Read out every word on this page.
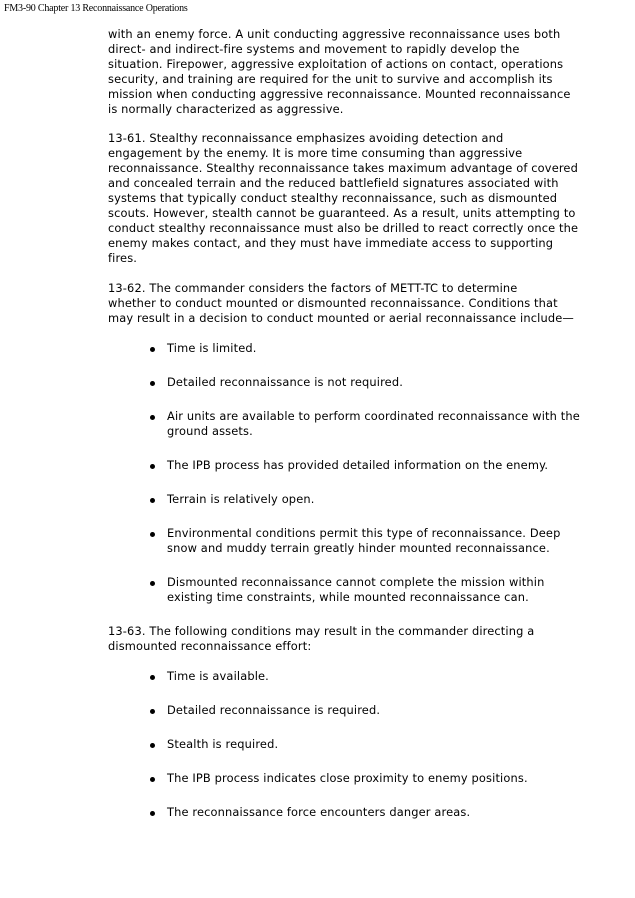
FM3-90 Chapter 13 Reconnaissance Operations

with an enemy force. A unit conducting aggressive reconnaissance uses both
direct- and indirect-fire systems and movement to rapidly develop the
situation. Firepower, aggressive exploitation of actions on contact, operations
security, and training are required for the unit to survive and accomplish its
mission when conducting aggressive reconnaissance. Mounted reconnaissance
is normally characterized as aggressive.

13-61. Stealthy reconnaissance emphasizes avoiding detection and
engagement by the enemy. It is more time consuming than aggressive
reconnaissance. Stealthy reconnaissance takes maximum advantage of covered
and concealed terrain and the reduced battlefield signatures associated with
systems that typically conduct stealthy reconnaissance, such as dismounted
scouts. However, stealth cannot be guaranteed. As a result, units attempting to
conduct stealthy reconnaissance must also be drilled to react correctly once the
enemy makes contact, and they must have immediate access to supporting
fires.

13-62. The commander considers the factors of METT-TC to determine
whether to conduct mounted or dismounted reconnaissance. Conditions that
may result in a decision to conduct mounted or aerial reconnaissance include—

Time is limited.
Detailed reconnaissance is not required.
Air units are available to perform coordinated reconnaissance with the
ground assets.
The IPB process has provided detailed information on the enemy.
Terrain is relatively open.
Environmental conditions permit this type of reconnaissance. Deep
snow and muddy terrain greatly hinder mounted reconnaissance.
Dismounted reconnaissance cannot complete the mission within
existing time constraints, while mounted reconnaissance can.

13-63. The following conditions may result in the commander directing a
dismounted reconnaissance effort:

Time is available.
Detailed reconnaissance is required.
Stealth is required.
The IPB process indicates close proximity to enemy positions.
The reconnaissance force encounters danger areas.
